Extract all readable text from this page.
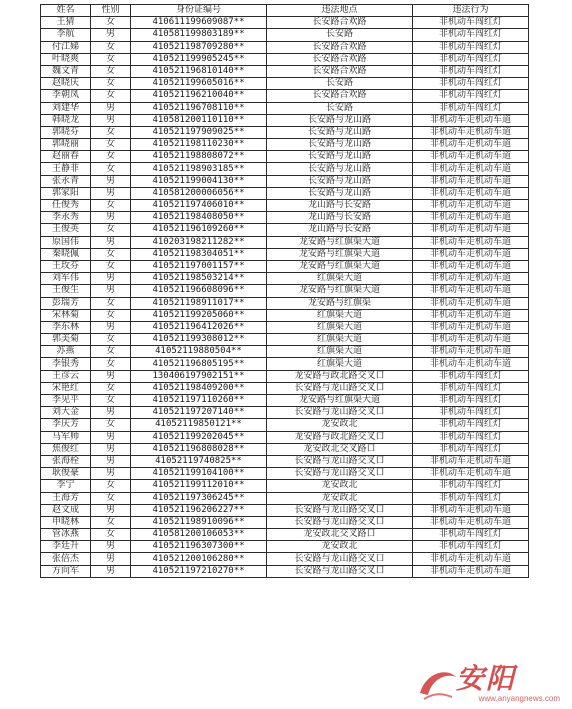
姓名	性别	身份证编号	违法地点	违法行为
王猜	女	410611199609087**	长安路合欢路	非机动车闯红灯
李航	男	410581199803189**	长安路	非机动车闯红灯
付江娣	女	410521198709280**	长安路合欢路	非机动车闯红灯
叶晓爽	女	410521199905245**	长安路合欢路	非机动车闯红灯
魏文青	女	410521196810140**	长安路合欢路	非机动车闯红灯
赵晓庆	女	410521199605016**	长安路	非机动车闯红灯
李朝凤	女	410521196210040**	长安路合欢路	非机动车闯红灯
刘建华	男	410521196708110**	长安路	非机动车闯红灯
韩晓龙	男	410581200110110**	长安路与龙山路	非机动车走机动车道
郭晓芬	女	410521197909025**	长安路与龙山路	非机动车走机动车道
郭晓丽	女	410521198110230**	长安路与龙山路	非机动车走机动车道
赵丽春	女	410521198808072**	长安路与龙山路	非机动车走机动车道
王静菲	女	410521198903185**	长安路与龙山路	非机动车走机动车道
张永青	男	410521199004130**	长安路与龙山路	非机动车走机动车道
郭家阳	男	410581200006056**	长安路与龙山路	非机动车走机动车道
任俊秀	女	410521197406010**	龙山路与长安路	非机动车走机动车道
李永秀	男	410521198408050**	龙山路与长安路	非机动车走机动车道
王俊英	女	410521196109260**	龙山路与长安路	非机动车走机动车道
原国伟	男	410203198211282**	龙安路与红旗渠大道	非机动车走机动车道
秦晓佩	女	410521198304051**	龙安路与红旗渠大道	非机动车走机动车道
王玫芬	女	410521197001157**	龙安路与红旗渠大道	非机动车走机动车道
刘军伟	男	410521198503214**	红旗渠大道	非机动车走机动车道
王俊生	男	410521196608096**	龙安路与红旗渠大道	非机动车走机动车道
彭瑞芳	女	410521198911017**	龙安路与红旗渠	非机动车走机动车道
宋林菊	女	410521199205060**	红旗渠大道	非机动车走机动车道
李东林	男	410521196412026**	红旗渠大道	非机动车走机动车道
郭美菊	女	410521199308012**	红旗渠大道	非机动车走机动车道
苏燕	女	41052119880504**	红旗渠大道	非机动车走机动车道
李银秀	女	410521196805195**	红旗渠大道	非机动车走机动车道
王彦云	男	130406197902151**	龙安路与政北路交叉口	非机动车闯红灯
宋艳红	女	410521198409200**	长安路与龙山路交叉口	非机动车闯红灯
李见平	女	410521197110260**	龙安路与红旗渠大道	非机动车闯红灯
刘大金	男	410521197207140**	长安路与龙山路交叉口	非机动车闯红灯
李庆芳	女	41052119850121**	龙安政北	非机动车闯红灯
马军帅	男	410521199202045**	龙安路与政北路交叉口	非机动车闯红灯
焦俊红	男	410521196808028**	龙安政北交叉路口	非机动车闯红灯
张海栓	男	41052119740825**	长安路与龙山路交叉口	非机动车走机动车道
耿俊豪	男	410521199104100**	长安路与龙山路交叉口	非机动车走机动车道
李宁	女	410521199112010**	龙安政北	非机动车闯红灯
王海芳	女	410521197306245**	龙安政北	非机动车闯红灯
赵文成	男	410521196206227**	长安路与龙山路交叉口	非机动车走机动车道
申晓林	女	410521198910096**	长安路与龙山路交叉口	非机动车走机动车道
管冰燕	女	410581200106053**	龙安政北交叉路口	非机动车闯红灯
李廷升	男	410521196307300**	龙安政北	非机动车闯红灯
张倍杰	男	410521200106280**	长安路与龙山路交叉口	非机动车走机动车道
方向军	男	410521197210270**	长安路与龙山路交叉口	非机动车走机动车道
安阳
www.anyangnews.com
